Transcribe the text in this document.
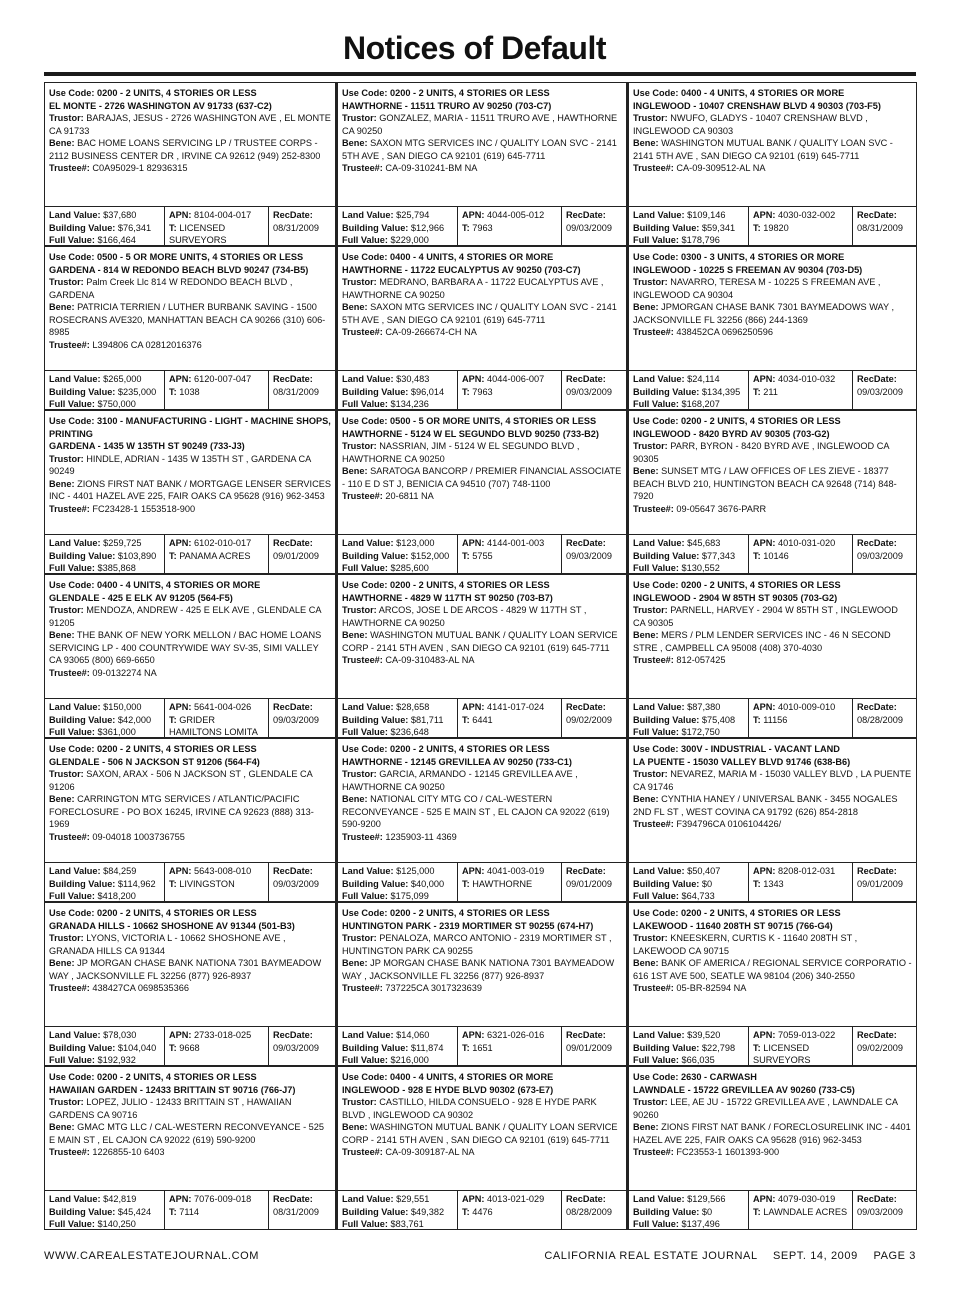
Notices of Default
Use Code: 0200 - 2 UNITS, 4 STORIES OR LESS
EL MONTE - 2726 WASHINGTON AV 91733 (637-C2)
Trustor: BARAJAS, JESUS - 2726 WASHINGTON AVE , EL MONTE CA 91733
Bene: BAC HOME LOANS SERVICING LP / TRUSTEE CORPS - 2112 BUSINESS CENTER DR , IRVINE CA 92612 (949) 252-8300
Trustee#: C0A95029-1 82936315
Land Value: $37,680
Building Value: $76,341
Full Value: $166,464
APN: 8104-004-017
T: LICENSED SURVEYORS
RecDate:
08/31/2009
Use Code: 0200 - 2 UNITS, 4 STORIES OR LESS
HAWTHORNE - 11511 TRURO AV 90250 (703-C7)
Trustor: GONZALEZ, MARIA - 11511 TRURO AVE , HAWTHORNE CA 90250
Bene: SAXON MTG SERVICES INC / QUALITY LOAN SVC - 2141 5TH AVE , SAN DIEGO CA 92101 (619) 645-7711
Trustee#: CA-09-310241-BM NA
Land Value: $25,794
Building Value: $12,966
Full Value: $229,000
APN: 4044-005-012
T: 7963
RecDate:
09/03/2009
Use Code: 0400 - 4 UNITS, 4 STORIES OR MORE
INGLEWOOD - 10407 CRENSHAW BLVD 4 90303 (703-F5)
Trustor: NWUFO, GLADYS - 10407 CRENSHAW BLVD , INGLEWOOD CA 90303
Bene: WASHINGTON MUTUAL BANK / QUALITY LOAN SVC - 2141 5TH AVE , SAN DIEGO CA 92101 (619) 645-7711
Trustee#: CA-09-309512-AL NA
Land Value: $109,146
Building Value: $59,341
Full Value: $178,796
APN: 4030-032-002
T: 19820
RecDate:
08/31/2009
Use Code: 0500 - 5 OR MORE UNITS, 4 STORIES OR LESS
GARDENA - 814 W REDONDO BEACH BLVD 90247 (734-B5)
Trustor: Palm Creek Llc 814 W REDONDO BEACH BLVD , GARDENA
Bene: PATRICIA TERRIEN / LUTHER BURBANK SAVING - 1500 ROSECRANS AVE320, MANHATTAN BEACH CA 90266 (310) 606-8985
Trustee#: L394806 CA 02812016376
Land Value: $265,000
Building Value: $235,000
Full Value: $750,000
APN: 6120-007-047
T: 1038
RecDate:
08/31/2009
Use Code: 0400 - 4 UNITS, 4 STORIES OR MORE
HAWTHORNE - 11722 EUCALYPTUS AV 90250 (703-C7)
Trustor: MEDRANO, BARBARA A - 11722 EUCALYPTUS AVE , HAWTHORNE CA 90250
Bene: SAXON MTG SERVICES INC / QUALITY LOAN SVC - 2141 5TH AVE , SAN DIEGO CA 92101 (619) 645-7711
Trustee#: CA-09-266674-CH NA
Land Value: $30,483
Building Value: $96,014
Full Value: $134,236
APN: 4044-006-007
T: 7963
RecDate:
09/03/2009
Use Code: 0300 - 3 UNITS, 4 STORIES OR MORE
INGLEWOOD - 10225 S FREEMAN AV 90304 (703-D5)
Trustor: NAVARRO, TERESA M - 10225 S FREEMAN AVE , INGLEWOOD CA 90304
Bene: JPMORGAN CHASE BANK 7301 BAYMEADOWS WAY , JACKSONVILLE FL 32256 (866) 244-1369
Trustee#: 438452CA 0696250596
Land Value: $24,114
Building Value: $134,395
Full Value: $168,207
APN: 4034-010-032
T: 211
RecDate:
09/03/2009
Use Code: 3100 - MANUFACTURING - LIGHT - MACHINE SHOPS, PRINTING
GARDENA - 1435 W 135TH ST 90249 (733-J3)
Trustor: HINDLE, ADRIAN - 1435 W 135TH ST , GARDENA CA 90249
Bene: ZIONS FIRST NAT BANK / MORTGAGE LENSER SERVICES INC - 4401 HAZEL AVE 225, FAIR OAKS CA 95628 (916) 962-3453
Trustee#: FC23428-1 1553518-900
Land Value: $259,725
Building Value: $103,890
Full Value: $385,868
APN: 6102-010-017
T: PANAMA ACRES
RecDate:
09/01/2009
Use Code: 0500 - 5 OR MORE UNITS, 4 STORIES OR LESS
HAWTHORNE - 5124 W EL SEGUNDO BLVD 90250 (733-B2)
Trustor: NASSRIAN, JIM - 5124 W EL SEGUNDO BLVD , HAWTHORNE CA 90250
Bene: SARATOGA BANCORP / PREMIER FINANCIAL ASSOCIATE - 110 E D ST J, BENICIA CA 94510 (707) 748-1100
Trustee#: 20-6811 NA
Land Value: $123,000
Building Value: $152,000
Full Value: $285,600
APN: 4144-001-003
T: 5755
RecDate:
09/03/2009
Use Code: 0200 - 2 UNITS, 4 STORIES OR LESS
INGLEWOOD - 8420 BYRD AV 90305 (703-G2)
Trustor: PARR, BYRON - 8420 BYRD AVE , INGLEWOOD CA 90305
Bene: SUNSET MTG / LAW OFFICES OF LES ZIEVE - 18377 BEACH BLVD 210, HUNTINGTON BEACH CA 92648 (714) 848-7920
Trustee#: 09-05647 3676-PARR
Land Value: $45,683
Building Value: $77,343
Full Value: $130,552
APN: 4010-031-020
T: 10146
RecDate:
09/03/2009
Use Code: 0400 - 4 UNITS, 4 STORIES OR MORE
GLENDALE - 425 E ELK AV 91205 (564-F5)
Trustor: MENDOZA, ANDREW - 425 E ELK AVE , GLENDALE CA 91205
Bene: THE BANK OF NEW YORK MELLON / BAC HOME LOANS SERVICING LP - 400 COUNTRYWIDE WAY SV-35, SIMI VALLEY CA 93065 (800) 669-6650
Trustee#: 09-0132274 NA
Land Value: $150,000
Building Value: $42,000
Full Value: $361,000
APN: 5641-004-026
T: GRIDER HAMILTONS LOMITA
RecDate:
09/03/2009
Use Code: 0200 - 2 UNITS, 4 STORIES OR LESS
HAWTHORNE - 4829 W 117TH ST 90250 (703-B7)
Trustor: ARCOS, JOSE L DE ARCOS - 4829 W 117TH ST , HAWTHORNE CA 90250
Bene: WASHINGTON MUTUAL BANK / QUALITY LOAN SERVICE CORP - 2141 5TH AVEN , SAN DIEGO CA 92101 (619) 645-7711
Trustee#: CA-09-310483-AL NA
Land Value: $28,658
Building Value: $81,711
Full Value: $236,648
APN: 4141-017-024
T: 6441
RecDate:
09/02/2009
Use Code: 0200 - 2 UNITS, 4 STORIES OR LESS
INGLEWOOD - 2904 W 85TH ST 90305 (703-G2)
Trustor: PARNELL, HARVEY - 2904 W 85TH ST , INGLEWOOD CA 90305
Bene: MERS / PLM LENDER SERVICES INC - 46 N SECOND STRE , CAMPBELL CA 95008 (408) 370-4030
Trustee#: 812-057425
Land Value: $87,380
Building Value: $75,408
Full Value: $172,750
APN: 4010-009-010
T: 11156
RecDate:
08/28/2009
Use Code: 0200 - 2 UNITS, 4 STORIES OR LESS
GLENDALE - 506 N JACKSON ST 91206 (564-F4)
Trustor: SAXON, ARAX - 506 N JACKSON ST , GLENDALE CA 91206
Bene: CARRINGTON MTG SERVICES / ATLANTIC/PACIFIC FORECLOSURE - PO BOX 16245, IRVINE CA 92623 (888) 313-1969
Trustee#: 09-04018 1003736755
Land Value: $84,259
Building Value: $114,962
Full Value: $418,200
APN: 5643-008-010
T: LIVINGSTON
RecDate:
09/03/2009
Use Code: 0200 - 2 UNITS, 4 STORIES OR LESS
HAWTHORNE - 12145 GREVILLEA AV 90250 (733-C1)
Trustor: GARCIA, ARMANDO - 12145 GREVILLEA AVE , HAWTHORNE CA 90250
Bene: NATIONAL CITY MTG CO / CAL-WESTERN RECONVEYANCE - 525 E MAIN ST , EL CAJON CA 92022 (619) 590-9200
Trustee#: 1235903-11 4369
Land Value: $125,000
Building Value: $40,000
Full Value: $175,099
APN: 4041-003-019
T: HAWTHORNE
RecDate:
09/01/2009
Use Code: 300V - INDUSTRIAL - VACANT LAND
LA PUENTE - 15030 VALLEY BLVD 91746 (638-B6)
Trustor: NEVAREZ, MARIA M - 15030 VALLEY BLVD , LA PUENTE CA 91746
Bene: CYNTHIA HANEY / UNIVERSAL BANK - 3455 NOGALES 2ND FL ST , WEST COVINA CA 91792 (626) 854-2818
Trustee#: F394796CA 0106104426/
Land Value: $50,407
Building Value: $0
Full Value: $64,733
APN: 8208-012-031
T: 1343
RecDate:
09/01/2009
Use Code: 0200 - 2 UNITS, 4 STORIES OR LESS
GRANADA HILLS - 10662 SHOSHONE AV 91344 (501-B3)
Trustor: LYONS, VICTORIA L - 10662 SHOSHONE AVE , GRANADA HILLS CA 91344
Bene: JP MORGAN CHASE BANK NATIONA 7301 BAYMEADOW WAY , JACKSONVILLE FL 32256 (877) 926-8937
Trustee#: 438427CA 0698535366
Land Value: $78,030
Building Value: $104,040
Full Value: $192,932
APN: 2733-018-025
T: 9668
RecDate:
09/03/2009
Use Code: 0200 - 2 UNITS, 4 STORIES OR LESS
HUNTINGTON PARK - 2319 MORTIMER ST 90255 (674-H7)
Trustor: PENALOZA, MARCO ANTONIO - 2319 MORTIMER ST , HUNTINGTON PARK CA 90255
Bene: JP MORGAN CHASE BANK NATIONA 7301 BAYMEADOW WAY , JACKSONVILLE FL 32256 (877) 926-8937
Trustee#: 737225CA 3017323639
Land Value: $14,060
Building Value: $11,874
Full Value: $216,000
APN: 6321-026-016
T: 1651
RecDate:
09/01/2009
Use Code: 0200 - 2 UNITS, 4 STORIES OR LESS
LAKEWOOD - 11640 208TH ST 90715 (766-G4)
Trustor: KNEESKERN, CURTIS K - 11640 208TH ST , LAKEWOOD CA 90715
Bene: BANK OF AMERICA / REGIONAL SERVICE CORPORATIO - 616 1ST AVE 500, SEATLE WA 98104 (206) 340-2550
Trustee#: 05-BR-82594 NA
Land Value: $39,520
Building Value: $22,798
Full Value: $66,035
APN: 7059-013-022
T: LICENSED SURVEYORS
RecDate:
09/02/2009
Use Code: 0200 - 2 UNITS, 4 STORIES OR LESS
HAWAIIAN GARDEN - 12433 BRITTAIN ST 90716 (766-J7)
Trustor: LOPEZ, JULIO - 12433 BRITTAIN ST , HAWAIIAN GARDENS CA 90716
Bene: GMAC MTG LLC / CAL-WESTERN RECONVEYANCE - 525 E MAIN ST , EL CAJON CA 92022 (619) 590-9200
Trustee#: 1226855-10 6403
Land Value: $42,819
Building Value: $45,424
Full Value: $140,250
APN: 7076-009-018
T: 7114
RecDate:
08/31/2009
Use Code: 0400 - 4 UNITS, 4 STORIES OR MORE
INGLEWOOD - 928 E HYDE BLVD 90302 (673-E7)
Trustor: CASTILLO, HILDA CONSUELO - 928 E HYDE PARK BLVD , INGLEWOOD CA 90302
Bene: WASHINGTON MUTUAL BANK / QUALITY LOAN SERVICE CORP - 2141 5TH AVEN , SAN DIEGO CA 92101 (619) 645-7711
Trustee#: CA-09-309187-AL NA
Land Value: $29,551
Building Value: $49,382
Full Value: $83,761
APN: 4013-021-029
T: 4476
RecDate:
08/28/2009
Use Code: 2630 - CARWASH
LAWNDALE - 15722 GREVILLEA AV 90260 (733-C5)
Trustor: LEE, AE JU - 15722 GREVILLEA AVE , LAWNDALE CA 90260
Bene: ZIONS FIRST NAT BANK / FORECLOSURELINK INC - 4401 HAZEL AVE 225, FAIR OAKS CA 95628 (916) 962-3453
Trustee#: FC23553-1 1601393-900
Land Value: $129,566
Building Value: $0
Full Value: $137,496
APN: 4079-030-019
T: LAWNDALE ACRES
RecDate:
09/03/2009
WWW.CAREALESTATEJOURNAL.COM	CALIFORNIA REAL ESTATE JOURNAL SEPT. 14, 2009 PAGE 3
